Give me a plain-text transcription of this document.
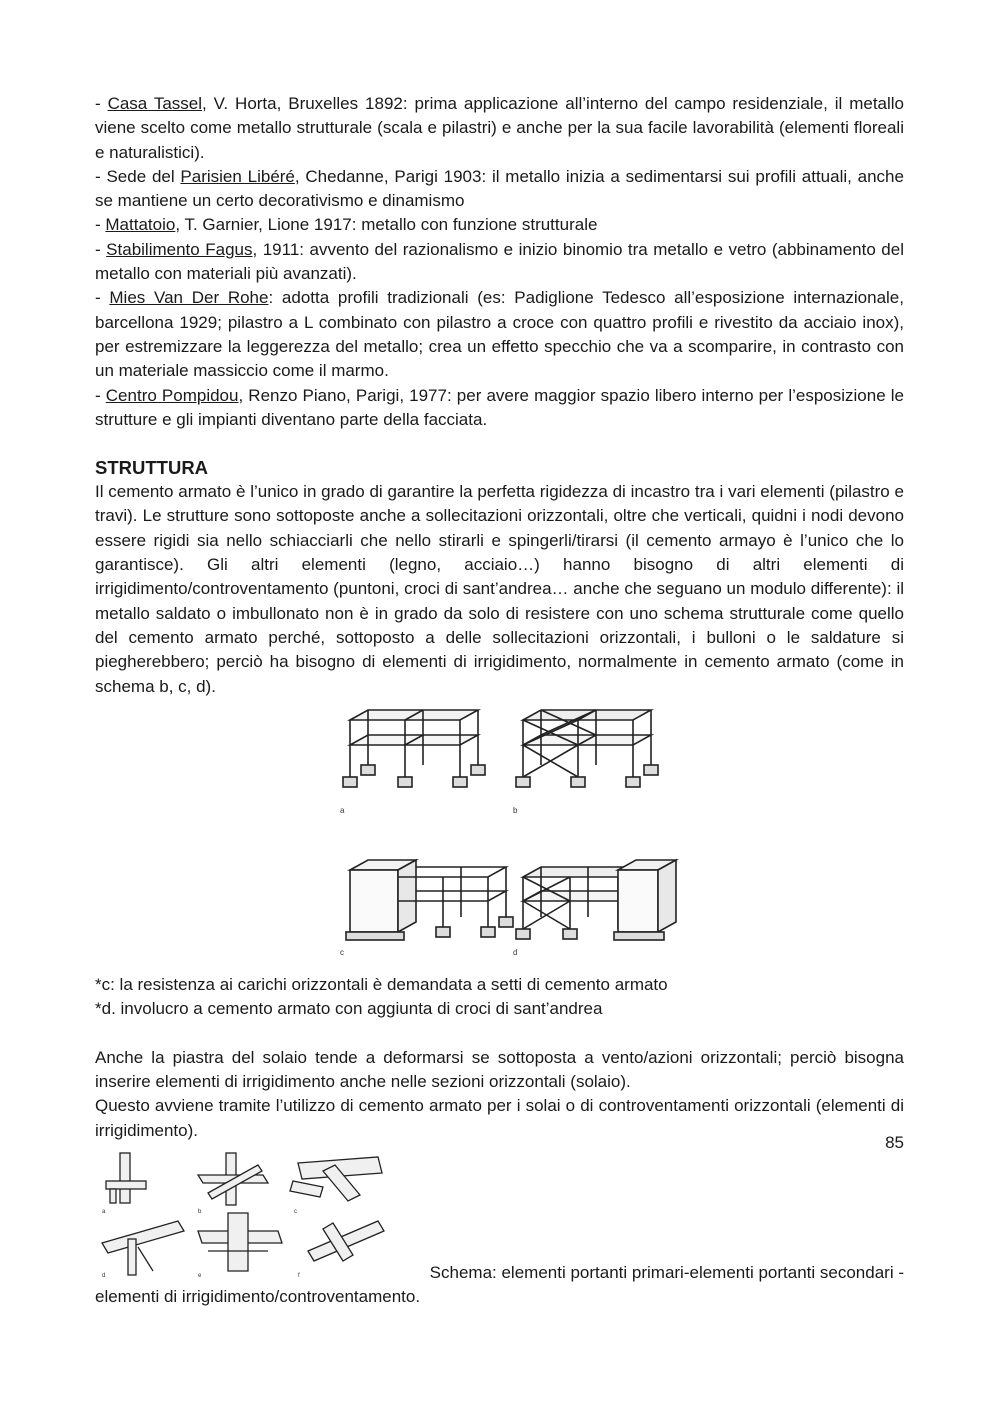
- Casa Tassel, V. Horta, Bruxelles 1892: prima applicazione all’interno del campo residenziale, il metallo viene scelto come metallo strutturale (scala e pilastri) e anche per la sua facile lavorabilità (elementi floreali e naturalistici).

- Sede del Parisien Libéré, Chedanne, Parigi 1903: il metallo inizia a sedimentarsi sui profili attuali, anche se mantiene un certo decorativismo e dinamismo

- Mattatoio, T. Garnier, Lione 1917: metallo con funzione strutturale

- Stabilimento Fagus, 1911: avvento del razionalismo e inizio binomio tra metallo e vetro (abbinamento del metallo con materiali più avanzati).

- Mies Van Der Rohe: adotta profili tradizionali (es: Padiglione Tedesco all’esposizione internazionale, barcellona 1929; pilastro a L combinato con pilastro a croce con quattro profili e rivestito da acciaio inox), per estremizzare la leggerezza del metallo; crea un effetto specchio che va a scomparire, in contrasto con un materiale massiccio come il marmo.

- Centro Pompidou, Renzo Piano, Parigi, 1977: per avere maggior spazio libero interno per l’esposizione le strutture e gli impianti diventano parte della facciata.

STRUTTURA

Il cemento armato è l’unico in grado di garantire la perfetta rigidezza di incastro tra i vari elementi (pilastro e travi). Le strutture sono sottoposte anche a sollecitazioni orizzontali, oltre che verticali, quidni i nodi devono essere rigidi sia nello schiacciarli che nello stirarli e spingerli/tirarsi (il cemento armayo è l’unico che lo garantisce). Gli altri elementi (legno, acciaio…) hanno bisogno di altri elementi di irrigidimento/controventamento (puntoni, croci di sant’andrea… anche che seguano un modulo differente): il metallo saldato o imbullonato non è in grado da solo di resistere con uno schema strutturale come quello del cemento armato perché, sottoposto a delle sollecitazioni orizzontali, i bulloni o le saldature si piegherebbero; perciò ha bisogno di elementi di irrigidimento, normalmente in cemento armato (come in schema b, c, d).

a	b
c	d

*c: la resistenza ai carichi orizzontali è demandata a setti di cemento armato

*d. involucro a cemento armato con aggiunta di croci di sant’andrea

Anche la piastra del solaio tende a deformarsi se sottoposta a vento/azioni orizzontali; perciò bisogna inserire elementi di irrigidimento anche nelle sezioni orizzontali (solaio).

Questo avviene tramite l’utilizzo di cemento armato per i solai o di controventamenti orizzontali (elementi di irrigidimento).

a	b	c
d	e	f	Schema: elementi portanti primari-elementi portanti secondari -

elementi di irrigidimento/controventamento.

85
